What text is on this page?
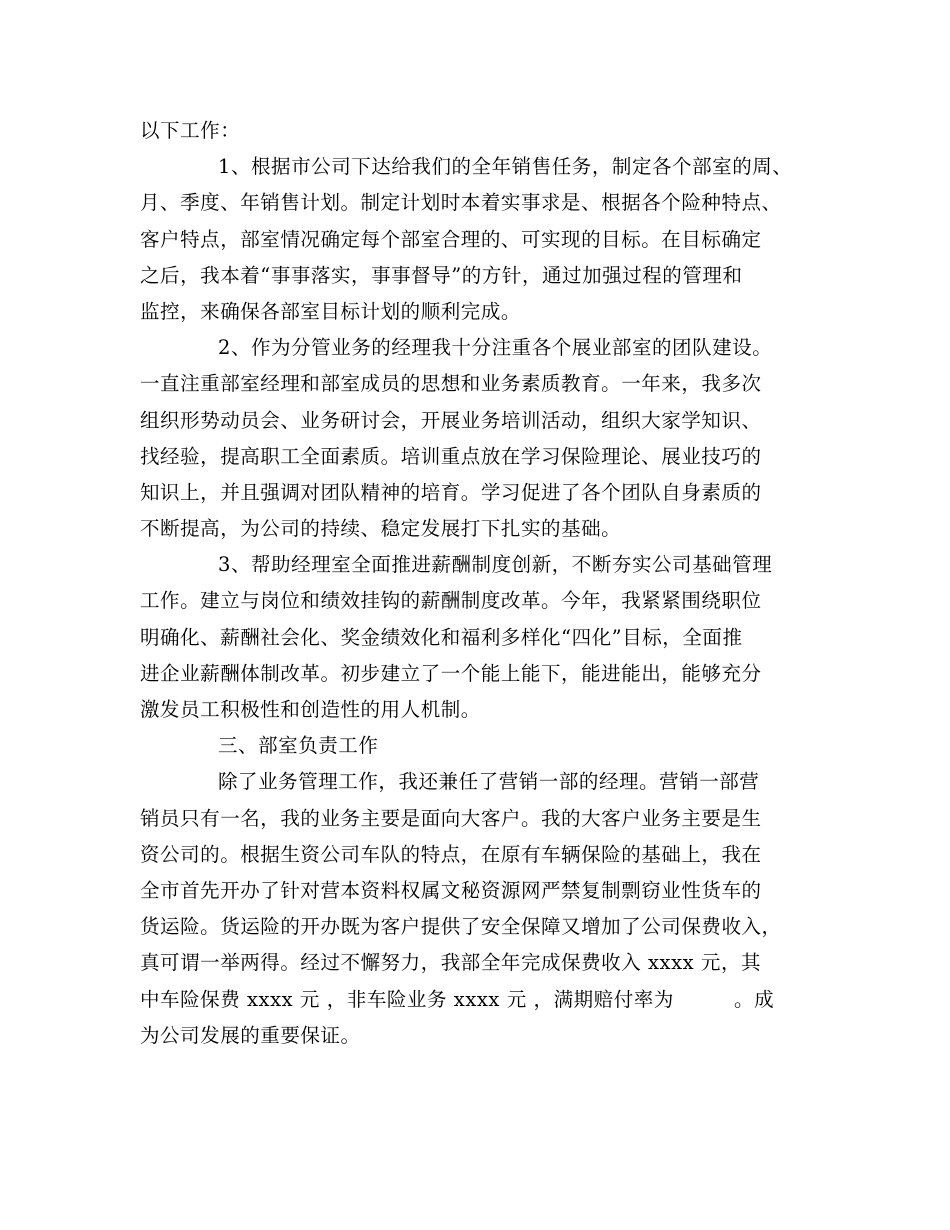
以下工作：
1、根据市公司下达给我们的全年销售任务，制定各个部室的周、
月、季度、年销售计划。制定计划时本着实事求是、根据各个险种特点、
客户特点，部室情况确定每个部室合理的、可实现的目标。在目标确定
之后，我本着“事事落实，事事督导”的方针，通过加强过程的管理和
监控，来确保各部室目标计划的顺利完成。
2、作为分管业务的经理我十分注重各个展业部室的团队建设。
一直注重部室经理和部室成员的思想和业务素质教育。一年来，我多次
组织形势动员会、业务研讨会，开展业务培训活动，组织大家学知识、
找经验，提高职工全面素质。培训重点放在学习保险理论、展业技巧的
知识上，并且强调对团队精神的培育。学习促进了各个团队自身素质的
不断提高，为公司的持续、稳定发展打下扎实的基础。
3、帮助经理室全面推进薪酬制度创新，不断夯实公司基础管理
工作。建立与岗位和绩效挂钩的薪酬制度改革。今年，我紧紧围绕职位
明确化、薪酬社会化、奖金绩效化和福利多样化“四化”目标，全面推
进企业薪酬体制改革。初步建立了一个能上能下，能进能出，能够充分
激发员工积极性和创造性的用人机制。
三、部室负责工作
除了业务管理工作，我还兼任了营销一部的经理。营销一部营
销员只有一名，我的业务主要是面向大客户。我的大客户业务主要是生
资公司的。根据生资公司车队的特点，在原有车辆保险的基础上，我在
全市首先开办了针对营本资料权属文秘资源网严禁复制剽窃业性货车的
货运险。货运险的开办既为客户提供了安全保障又增加了公司保费收入，
真可谓一举两得。经过不懈努力，我部全年完成保费收入 xxxx 元，其
中车险保费 xxxx 元 ，非车险业务 xxxx 元 ，满期赔付率为　　　。成
为公司发展的重要保证。
